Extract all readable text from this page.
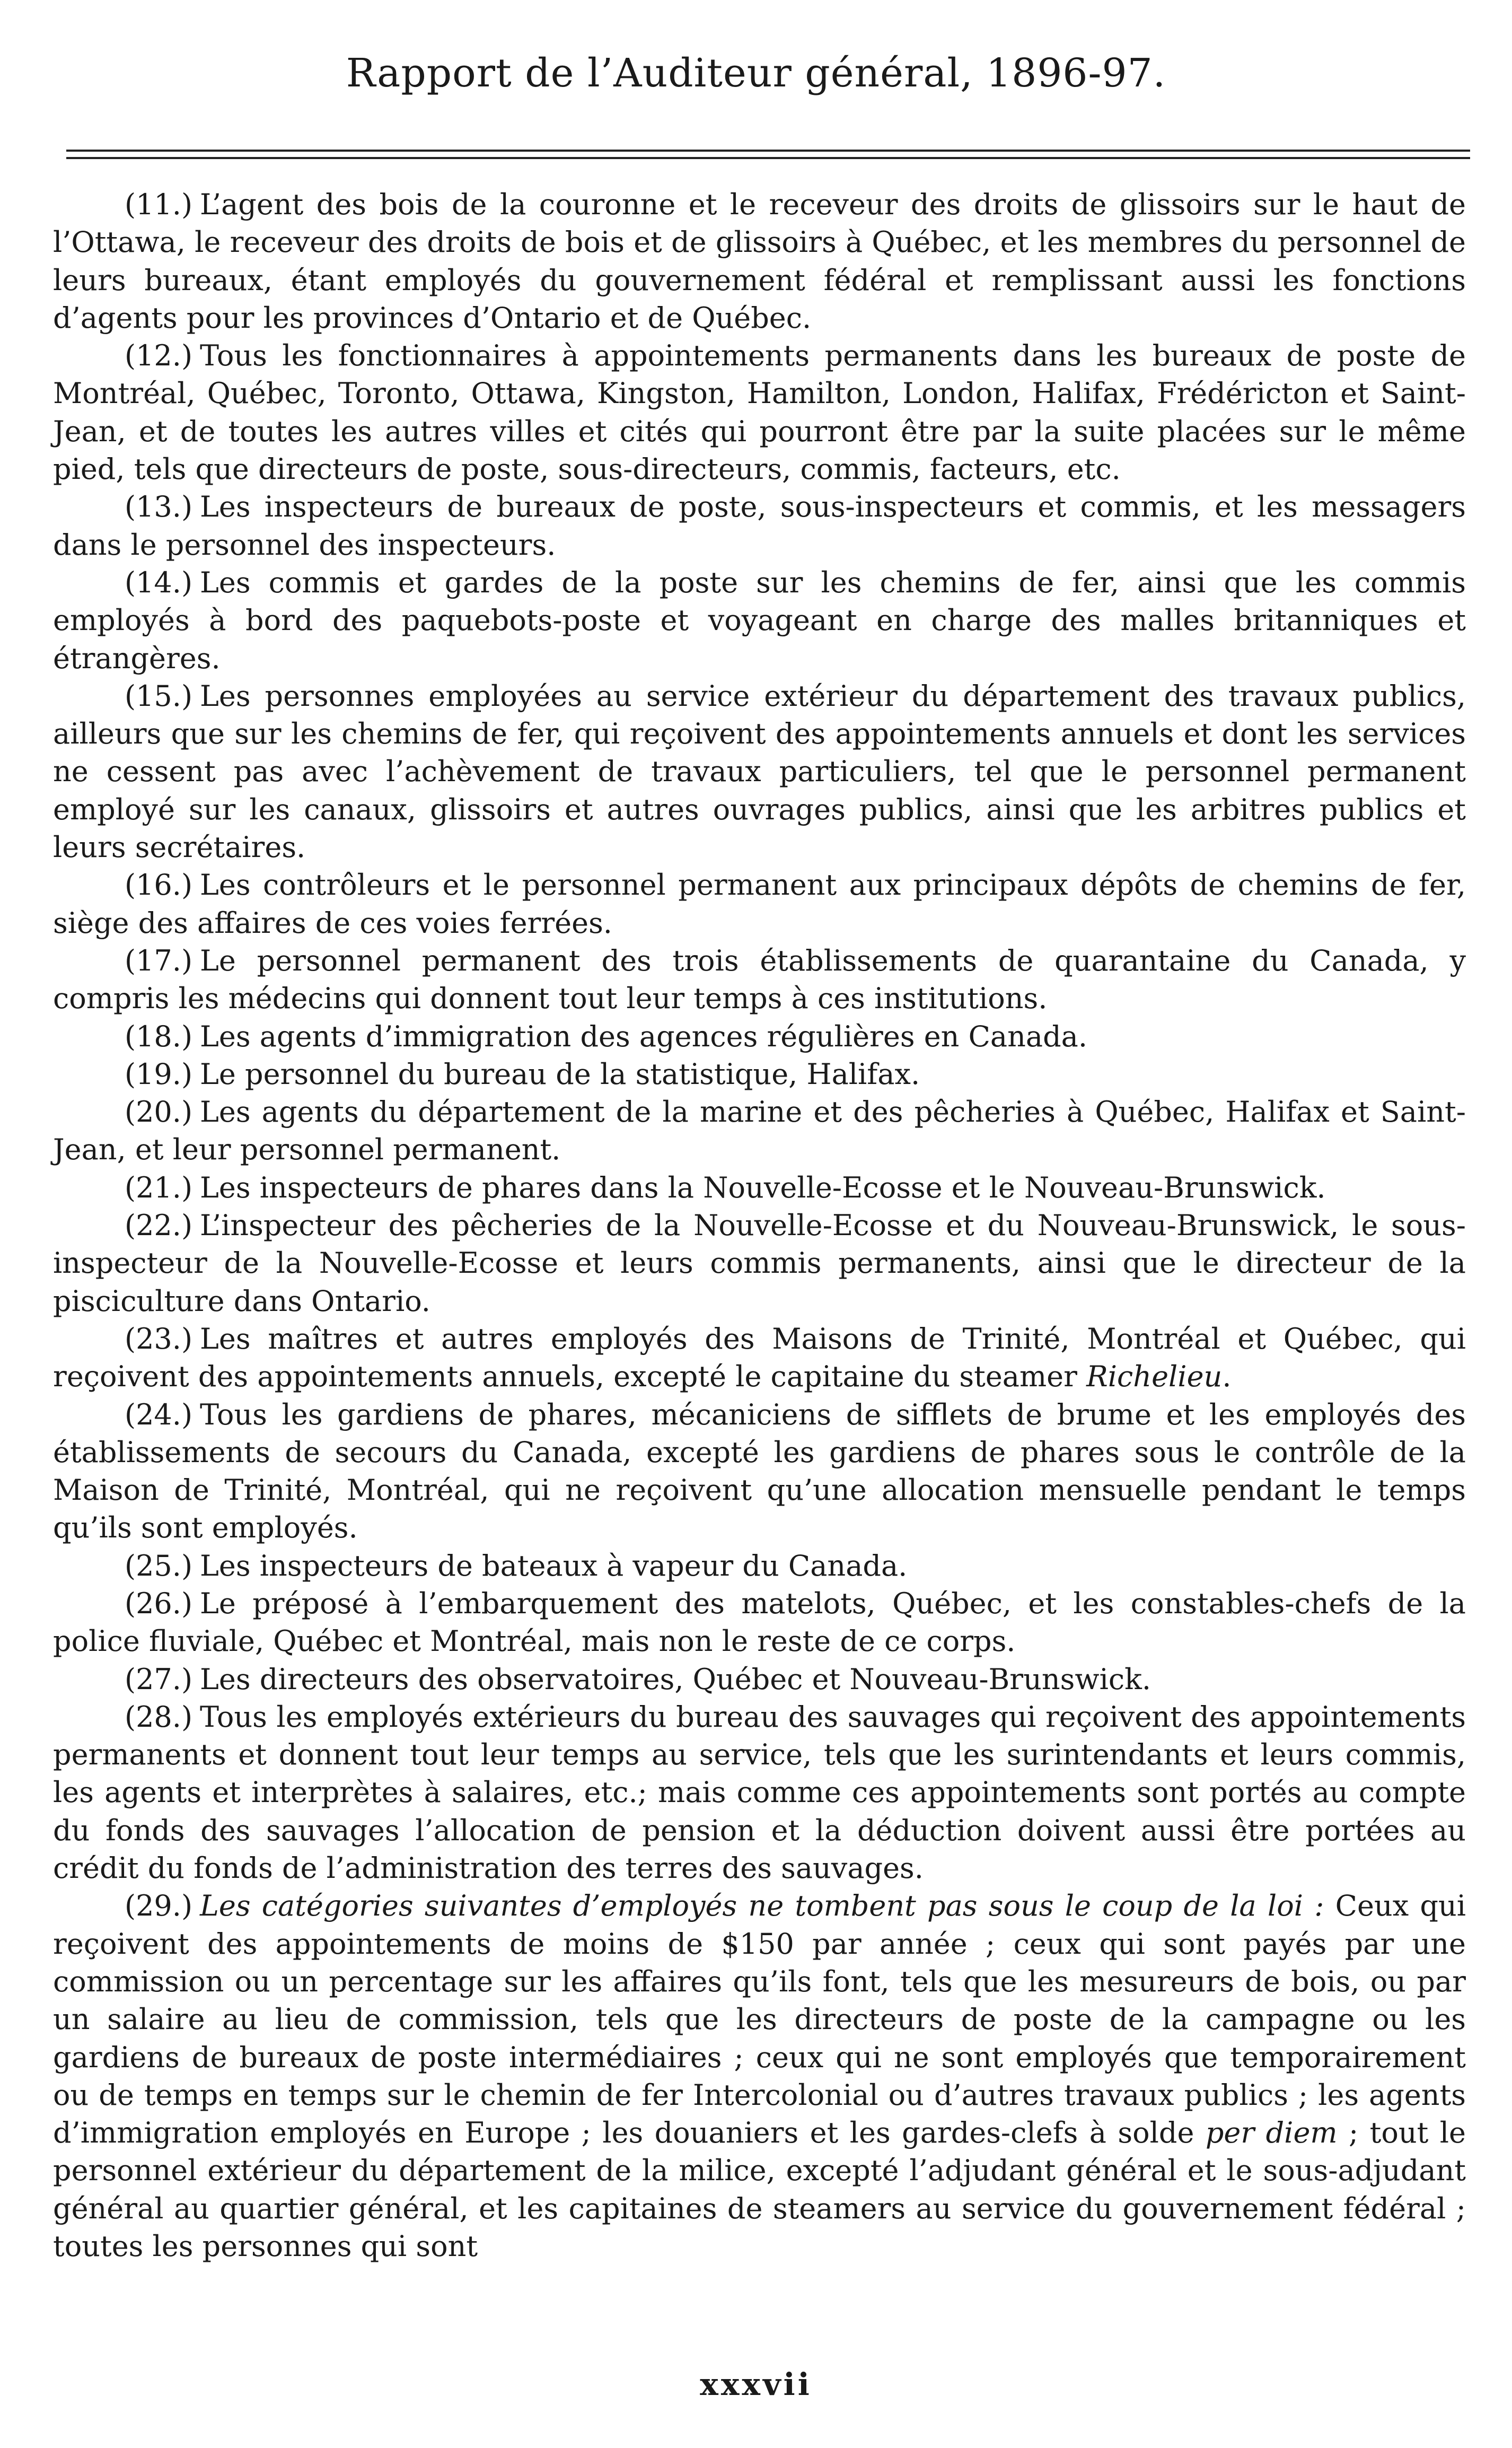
Rapport de l’Auditeur général, 1896-97.

(11.) L’agent des bois de la couronne et le receveur des droits de glissoirs sur le haut de l’Ottawa, le receveur des droits de bois et de glissoirs à Québec, et les membres du personnel de leurs bureaux, étant employés du gouvernement fédéral et remplissant aussi les fonctions d’agents pour les provinces d’Ontario et de Québec.

(12.) Tous les fonctionnaires à appointements permanents dans les bureaux de poste de Montréal, Québec, Toronto, Ottawa, Kingston, Hamilton, London, Halifax, Frédéricton et Saint-Jean, et de toutes les autres villes et cités qui pourront être par la suite placées sur le même pied, tels que directeurs de poste, sous-directeurs, commis, facteurs, etc.

(13.) Les inspecteurs de bureaux de poste, sous-inspecteurs et commis, et les messagers dans le personnel des inspecteurs.

(14.) Les commis et gardes de la poste sur les chemins de fer, ainsi que les commis employés à bord des paquebots-poste et voyageant en charge des malles britanniques et étrangères.

(15.) Les personnes employées au service extérieur du département des travaux publics, ailleurs que sur les chemins de fer, qui reçoivent des appointements annuels et dont les services ne cessent pas avec l’achèvement de travaux particuliers, tel que le personnel permanent employé sur les canaux, glissoirs et autres ouvrages publics, ainsi que les arbitres publics et leurs secrétaires.

(16.) Les contrôleurs et le personnel permanent aux principaux dépôts de chemins de fer, siège des affaires de ces voies ferrées.

(17.) Le personnel permanent des trois établissements de quarantaine du Canada, y compris les médecins qui donnent tout leur temps à ces institutions.

(18.) Les agents d’immigration des agences régulières en Canada.

(19.) Le personnel du bureau de la statistique, Halifax.

(20.) Les agents du département de la marine et des pêcheries à Québec, Halifax et Saint-Jean, et leur personnel permanent.

(21.) Les inspecteurs de phares dans la Nouvelle-Ecosse et le Nouveau-Brunswick.

(22.) L’inspecteur des pêcheries de la Nouvelle-Ecosse et du Nouveau-Brunswick, le sous-inspecteur de la Nouvelle-Ecosse et leurs commis permanents, ainsi que le directeur de la pisciculture dans Ontario.

(23.) Les maîtres et autres employés des Maisons de Trinité, Montréal et Québec, qui reçoivent des appointements annuels, excepté le capitaine du steamer Richelieu.

(24.) Tous les gardiens de phares, mécaniciens de sifflets de brume et les employés des établissements de secours du Canada, excepté les gardiens de phares sous le contrôle de la Maison de Trinité, Montréal, qui ne reçoivent qu’une allocation mensuelle pendant le temps qu’ils sont employés.

(25.) Les inspecteurs de bateaux à vapeur du Canada.

(26.) Le préposé à l’embarquement des matelots, Québec, et les constables-chefs de la police fluviale, Québec et Montréal, mais non le reste de ce corps.

(27.) Les directeurs des observatoires, Québec et Nouveau-Brunswick.

(28.) Tous les employés extérieurs du bureau des sauvages qui reçoivent des appointements permanents et donnent tout leur temps au service, tels que les surintendants et leurs commis, les agents et interprètes à salaires, etc.; mais comme ces appointements sont portés au compte du fonds des sauvages l’allocation de pension et la déduction doivent aussi être portées au crédit du fonds de l’administration des terres des sauvages.

(29.) Les catégories suivantes d’employés ne tombent pas sous le coup de la loi : Ceux qui reçoivent des appointements de moins de $150 par année ; ceux qui sont payés par une commission ou un percentage sur les affaires qu’ils font, tels que les mesureurs de bois, ou par un salaire au lieu de commission, tels que les directeurs de poste de la campagne ou les gardiens de bureaux de poste intermédiaires ; ceux qui ne sont employés que temporairement ou de temps en temps sur le chemin de fer Intercolonial ou d’autres travaux publics ; les agents d’immigration employés en Europe ; les douaniers et les gardes-clefs à solde per diem ; tout le personnel extérieur du département de la milice, excepté l’adjudant général et le sous-adjudant général au quartier général, et les capitaines de steamers au service du gouvernement fédéral ; toutes les personnes qui sont

xxxvii
